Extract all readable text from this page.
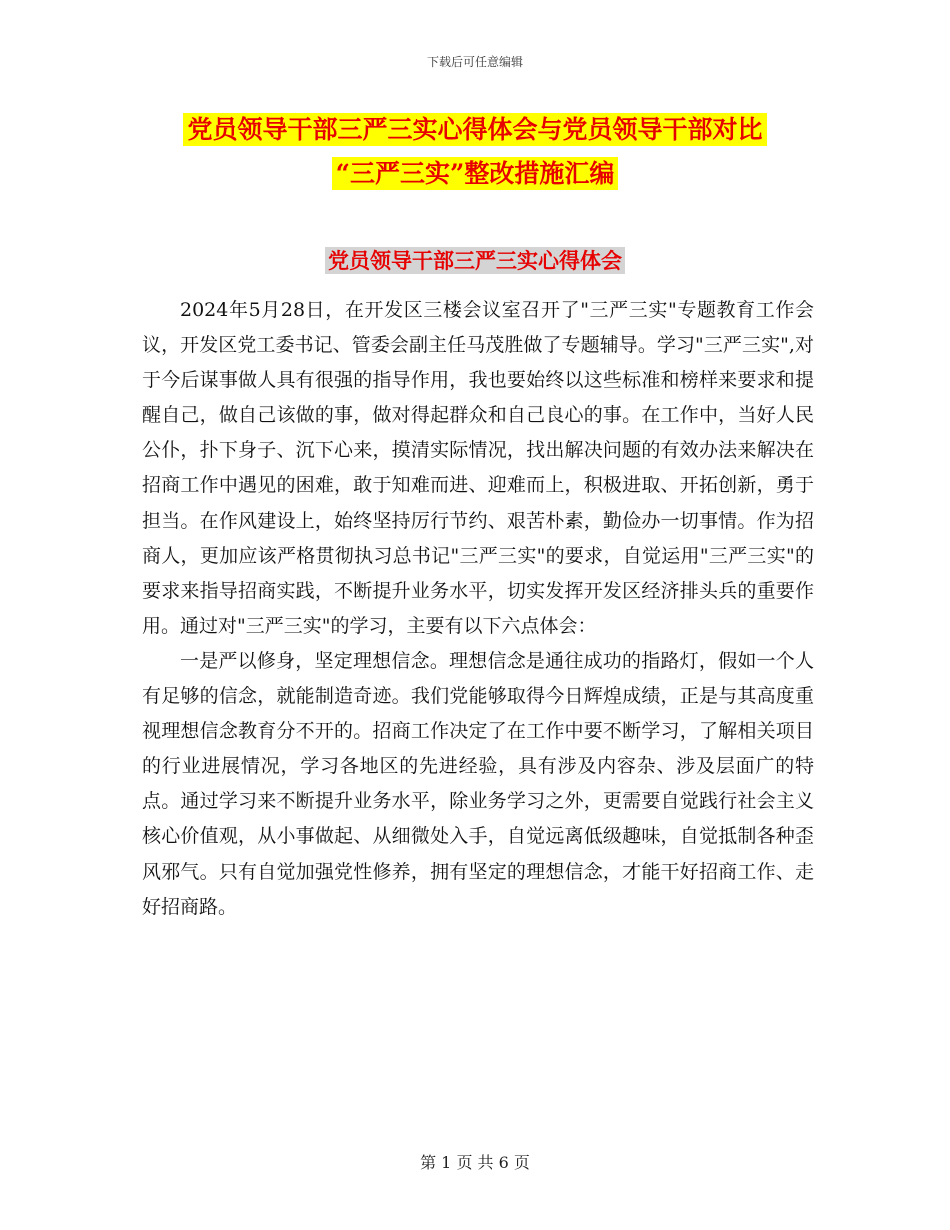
下载后可任意编辑
党员领导干部三严三实心得体会与党员领导干部对比
“三严三实”整改措施汇编
党员领导干部三严三实心得体会

2024年5月28日，在开发区三楼会议室召开了"三严三实"专题教育工作会议，开发区党工委书记、管委会副主任马茂胜做了专题辅导。学习"三严三实",对于今后谋事做人具有很强的指导作用，我也要始终以这些标准和榜样来要求和提醒自己，做自己该做的事，做对得起群众和自己良心的事。在工作中，当好人民公仆，扑下身子、沉下心来，摸清实际情况，找出解决问题的有效办法来解决在招商工作中遇见的困难，敢于知难而进、迎难而上，积极进取、开拓创新，勇于担当。在作风建设上，始终坚持厉行节约、艰苦朴素，勤俭办一切事情。作为招商人，更加应该严格贯彻执习总书记"三严三实"的要求，自觉运用"三严三实"的要求来指导招商实践，不断提升业务水平，切实发挥开发区经济排头兵的重要作用。通过对"三严三实"的学习，主要有以下六点体会：

一是严以修身，坚定理想信念。理想信念是通往成功的指路灯，假如一个人有足够的信念，就能制造奇迹。我们党能够取得今日辉煌成绩，正是与其高度重视理想信念教育分不开的。招商工作决定了在工作中要不断学习，了解相关项目的行业进展情况，学习各地区的先进经验，具有涉及内容杂、涉及层面广的特点。通过学习来不断提升业务水平，除业务学习之外，更需要自觉践行社会主义核心价值观，从小事做起、从细微处入手，自觉远离低级趣味，自觉抵制各种歪风邪气。只有自觉加强党性修养，拥有坚定的理想信念，才能干好招商工作、走好招商路。

第 1 页 共 6 页
